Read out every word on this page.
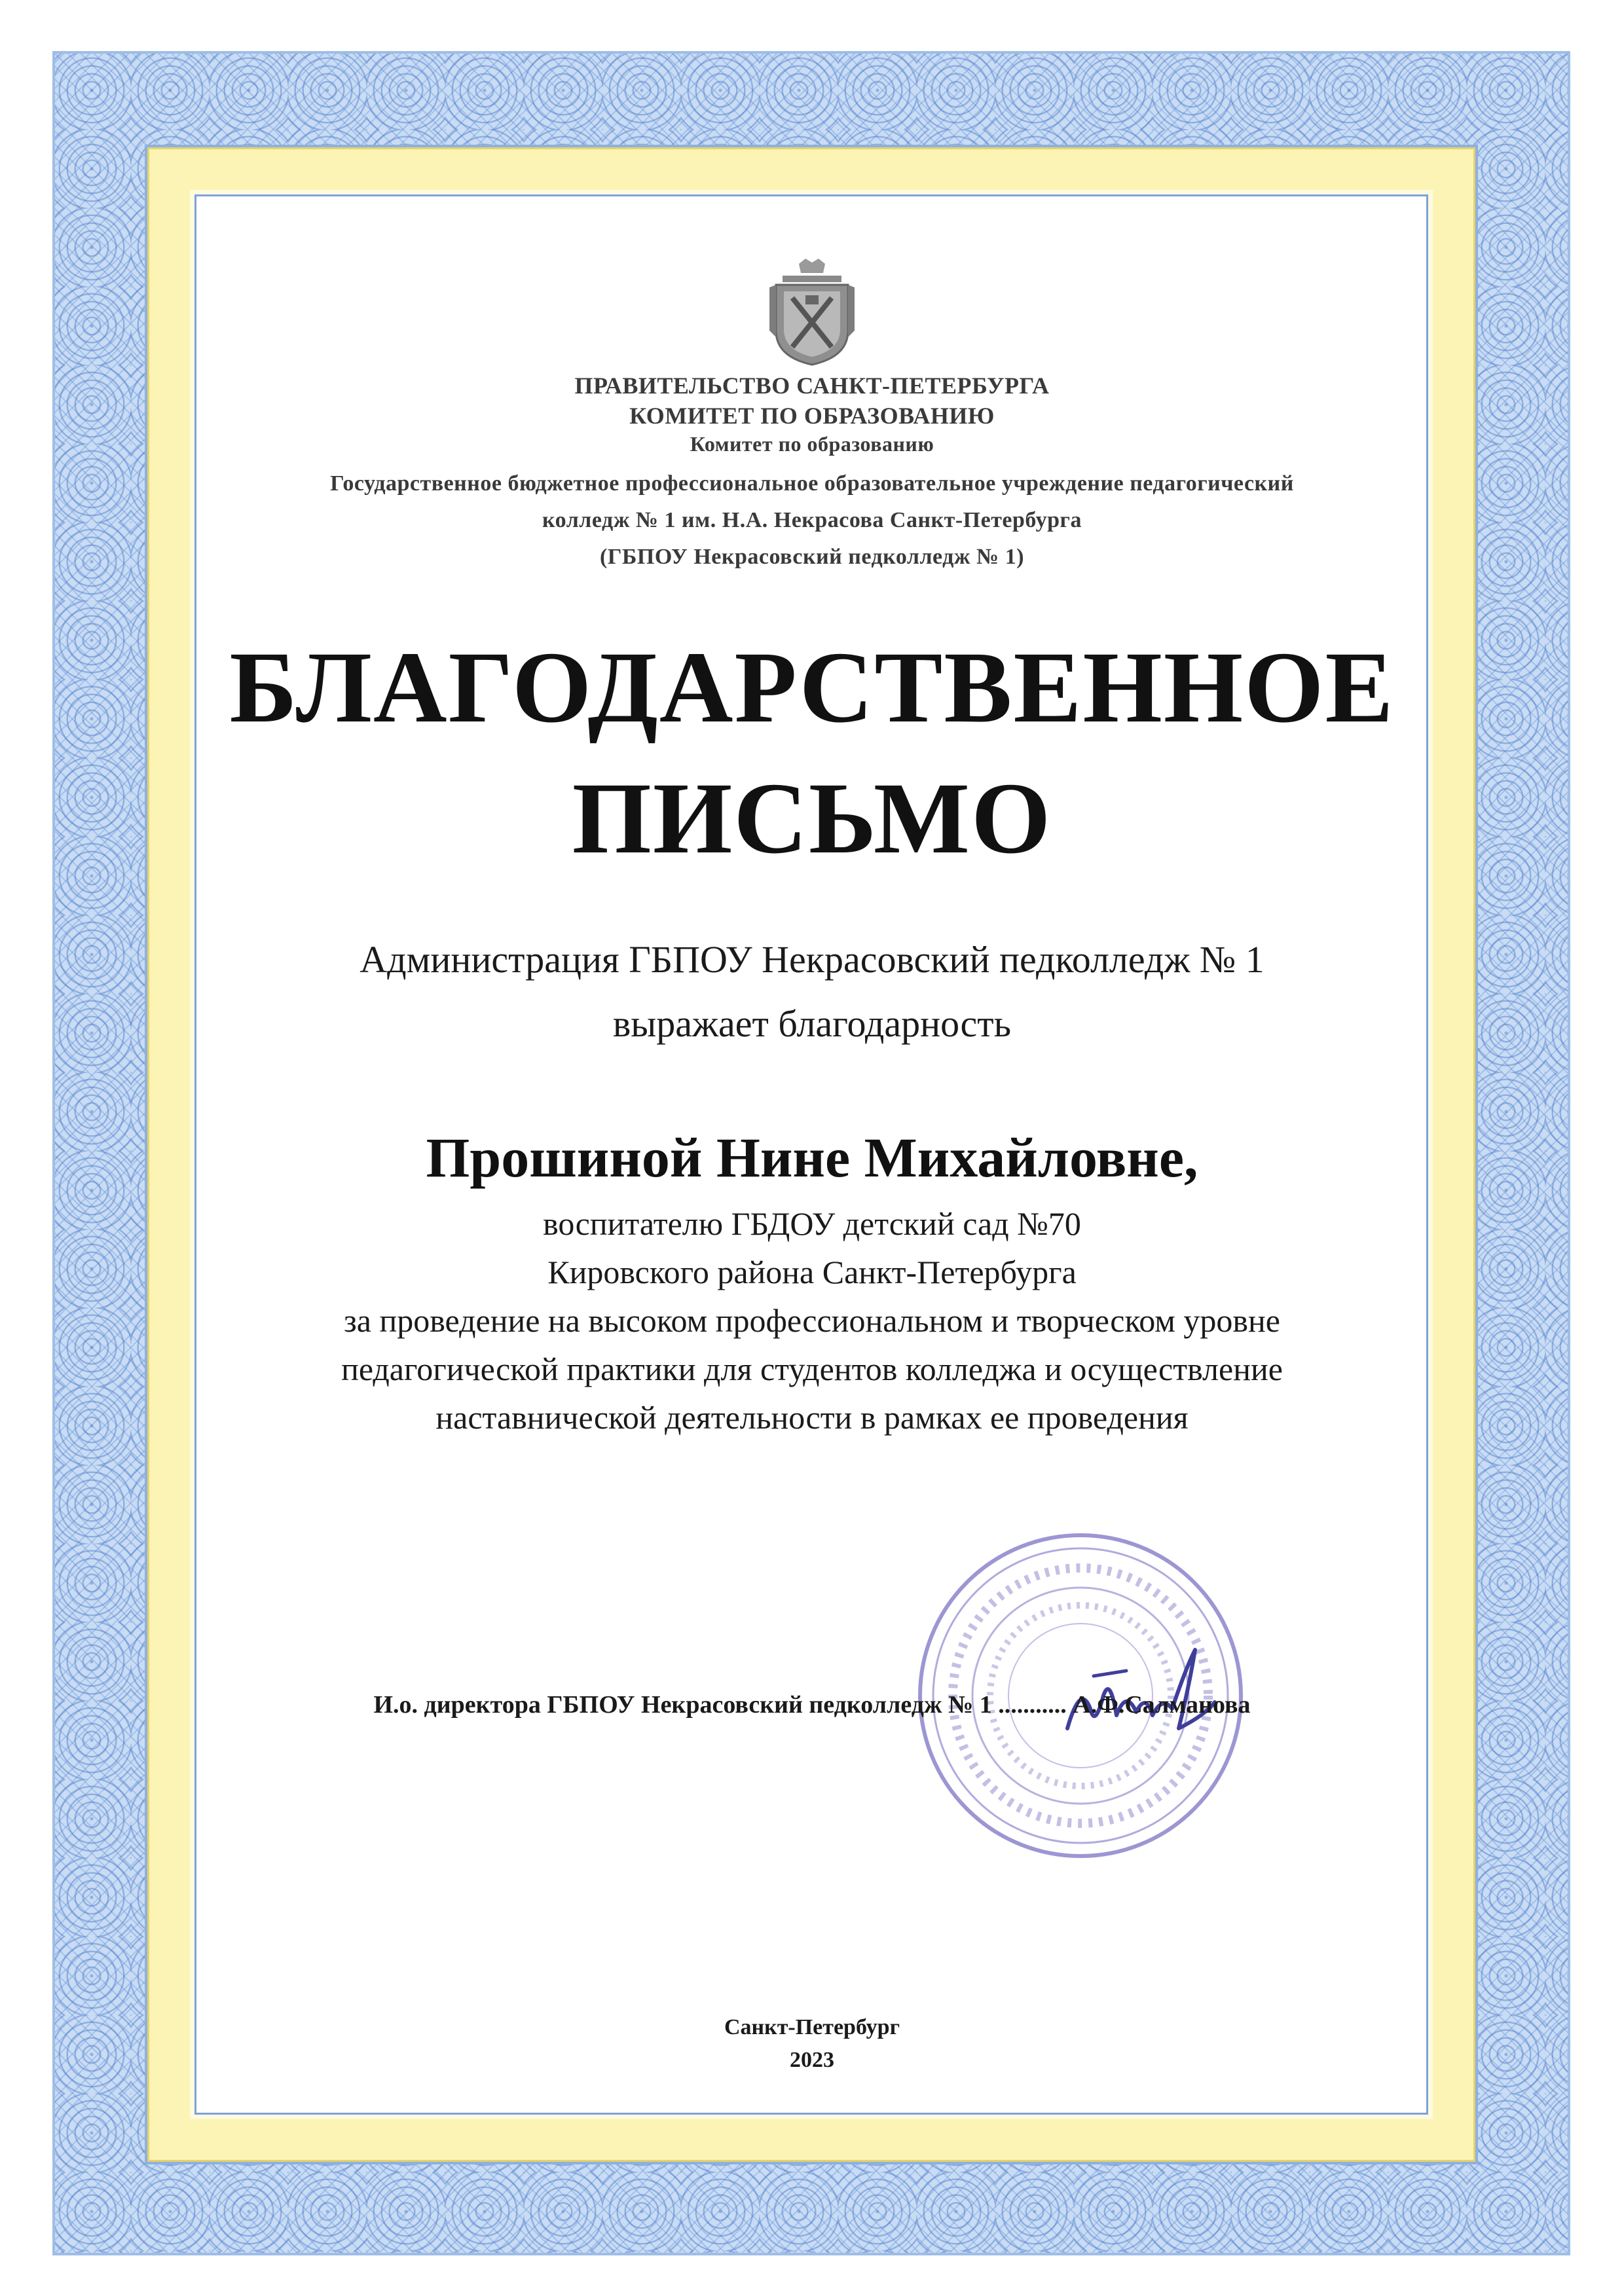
ПРАВИТЕЛЬСТВО САНКТ-ПЕТЕРБУРГА
КОМИТЕТ ПО ОБРАЗОВАНИЮ
Комитет по образованию
Государственное бюджетное профессиональное образовательное учреждение педагогический
колледж № 1 им. Н.А. Некрасова Санкт-Петербурга
(ГБПОУ Некрасовский педколледж № 1)
БЛАГОДАРСТВЕННОЕ
ПИСЬМО
Администрация ГБПОУ Некрасовский педколледж № 1
выражает благодарность
Прошиной Нине Михайловне,
воспитателю ГБДОУ детский сад №70
Кировского района Санкт-Петербурга
за проведение на высоком профессиональном и творческом уровне
педагогической практики для студентов колледжа и осуществление
наставнической деятельности в рамках ее проведения
И.о. директора ГБПОУ Некрасовский педколледж № 1 ........... А.Ф.Салманова
Санкт-Петербург
2023
